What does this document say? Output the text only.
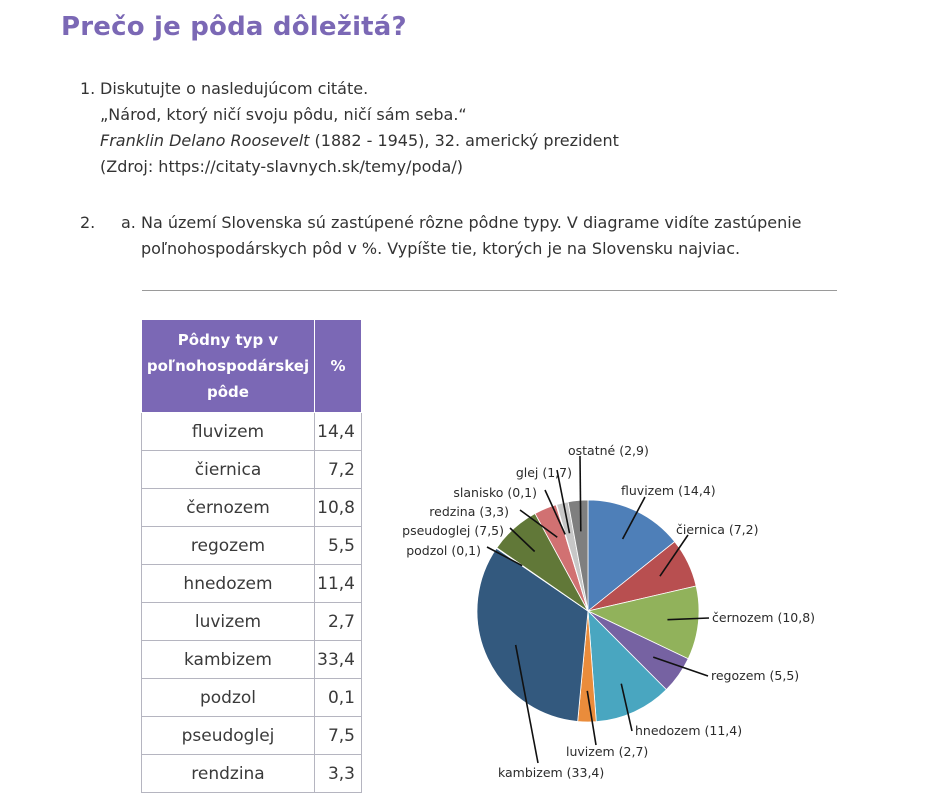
Prečo je pôda dôležitá?
1. Diskutujte o nasledujúcom citáte.
„Národ, ktorý ničí svoju pôdu, ničí sám seba.“
Franklin Delano Roosevelt (1882 - 1945), 32. americký prezident
(Zdroj: https://citaty-slavnych.sk/temy/poda/)
2. a. Na území Slovenska sú zastúpené rôzne pôdne typy. V diagrame vidíte zastúpenie
poľnohospodárskych pôd v %. Vypíšte tie, ktorých je na Slovensku najviac.
Pôdny typ v
poľnohospodárskej
pôde	%
fluvizem	14,4
čiernica	7,2
černozem	10,8
regozem	5,5
hnedozem	11,4
luvizem	2,7
kambizem	33,4
podzol	0,1
pseudoglej	7,5
rendzina	3,3
fluvizem (14,4)
čiernica (7,2)
černozem (10,8)
regozem (5,5)
hnedozem (11,4)
luvizem (2,7)
kambizem (33,4)
podzol (0,1)
pseudoglej (7,5)
redzina (3,3)
slanisko (0,1)
glej (1,7)
ostatné (2,9)
